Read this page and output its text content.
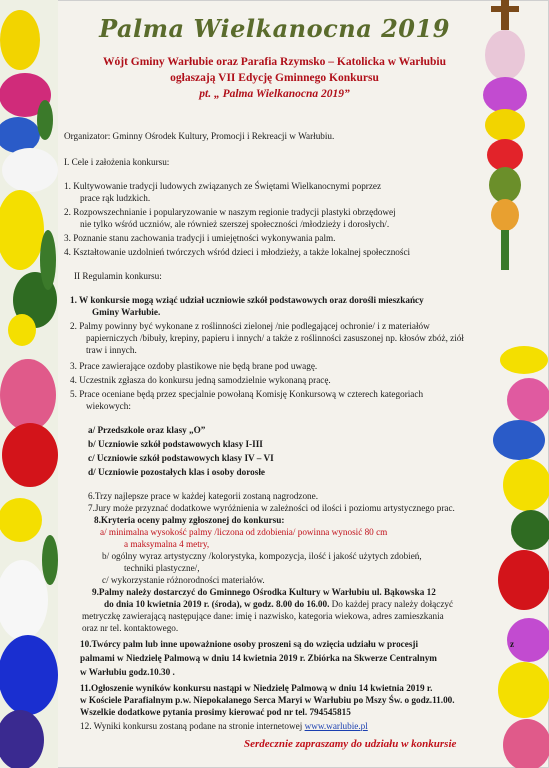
Palma Wielkanocna 2019
Wójt Gminy Warłubie oraz Parafia Rzymsko – Katolicka w Warłubiu
ogłaszają VII Edycję Gminnego Konkursu
pt. „ Palma Wielkanocna 2019”
Organizator: Gminny Ośrodek Kultury, Promocji i Rekreacji w Warłubiu.
I. Cele i założenia konkursu:
1. Kultywowanie tradycji ludowych związanych ze Świętami Wielkanocnymi poprzez
prace rąk ludzkich.
2. Rozpowszechnianie i popularyzowanie w naszym regionie tradycji plastyki obrzędowej
nie tylko wśród uczniów, ale również szerszej społeczności /młodzieży i dorosłych/.
3. Poznanie stanu zachowania tradycji i umiejętności wykonywania palm.
4. Kształtowanie uzdolnień twórczych wśród dzieci i młodzieży, a także lokalnej społeczności
II Regulamin konkursu:
1. W konkursie mogą wziąć udział uczniowie szkół podstawowych oraz dorośli mieszkańcy
Gminy Warłubie.
2. Palmy powinny być wykonane z roślinności zielonej /nie podlegającej ochronie/ i z materiałów
papierniczych /bibuły, krepiny, papieru i innych/ a także z roślinności zasuszonej np. kłosów zbóż, ziół
traw i innych.
3. Prace zawierające ozdoby plastikowe nie będą brane pod uwagę.
4. Uczestnik zgłasza do konkursu jedną samodzielnie wykonaną pracę.
5. Prace oceniane będą przez specjalnie powołaną Komisję Konkursową w czterech kategoriach
wiekowych:
a/ Przedszkole oraz klasy „O”
b/ Uczniowie szkół podstawowych klasy I-III
c/ Uczniowie szkół podstawowych klasy IV – VI
d/ Uczniowie pozostałych klas i osoby dorosłe
6.Trzy najlepsze prace w każdej kategorii zostaną nagrodzone.
7.Jury może przyznać dodatkowe wyróżnienia w zależności od ilości i poziomu artystycznego prac.
8.Kryteria oceny palmy zgłoszonej do konkursu:
a/ minimalna wysokość palmy /liczona od zdobienia/ powinna wynosić 80 cm
a maksymalna 4 metry,
b/ ogólny wyraz artystyczny /kolorystyka, kompozycja, ilość i jakość użytych zdobień,
techniki plastyczne/,
c/ wykorzystanie różnorodności materiałów.
9.Palmy należy dostarczyć do Gminnego Ośrodka Kultury w Warłubiu ul. Bąkowska 12
do dnia 10 kwietnia 2019 r. (środa), w godz. 8.00 do 16.00. Do każdej pracy należy dołączyć
metryczkę zawierającą następujące dane: imię i nazwisko, kategoria wiekowa, adres zamieszkania
oraz nr tel. kontaktowego.
10.Twórcy palm lub inne upoważnione osoby proszeni są do wzięcia udziału w procesji	z
palmami w Niedzielę Palmową w dniu 14 kwietnia 2019 r. Zbiórka na Skwerze Centralnym
w Warłubiu godz.10.30 .
11.Ogłoszenie wyników konkursu nastąpi w Niedzielę Palmową w dniu 14 kwietnia 2019 r.
w Kościele Parafialnym p.w. Niepokalanego Serca Maryi w Warłubiu po Mszy Św. o godz.11.00.
Wszelkie dodatkowe pytania prosimy kierować pod nr tel. 794545815
12. Wyniki konkursu zostaną podane na stronie internetowej www.warlubie.pl
Serdecznie zapraszamy do udziału w konkursie
